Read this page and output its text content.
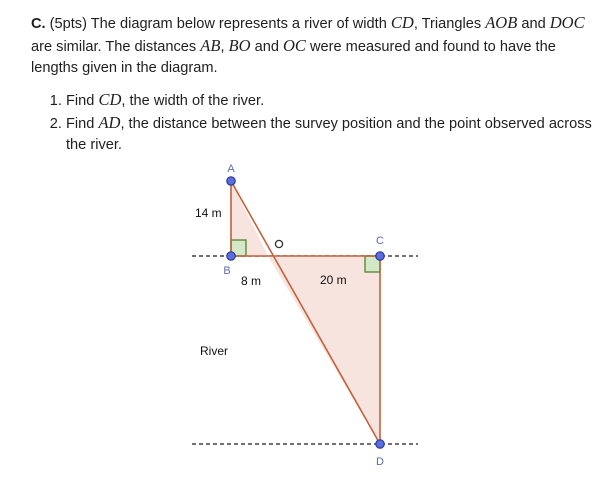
C. (5pts) The diagram below represents a river of width CD, Triangles AOB and DOC are similar. The distances AB, BO and OC were measured and found to have the lengths given in the diagram.

1. Find CD, the width of the river.
2. Find AD, the distance between the survey position and the point observed across the river.
A
B
C
D
14 m
8 m	20 m
River
